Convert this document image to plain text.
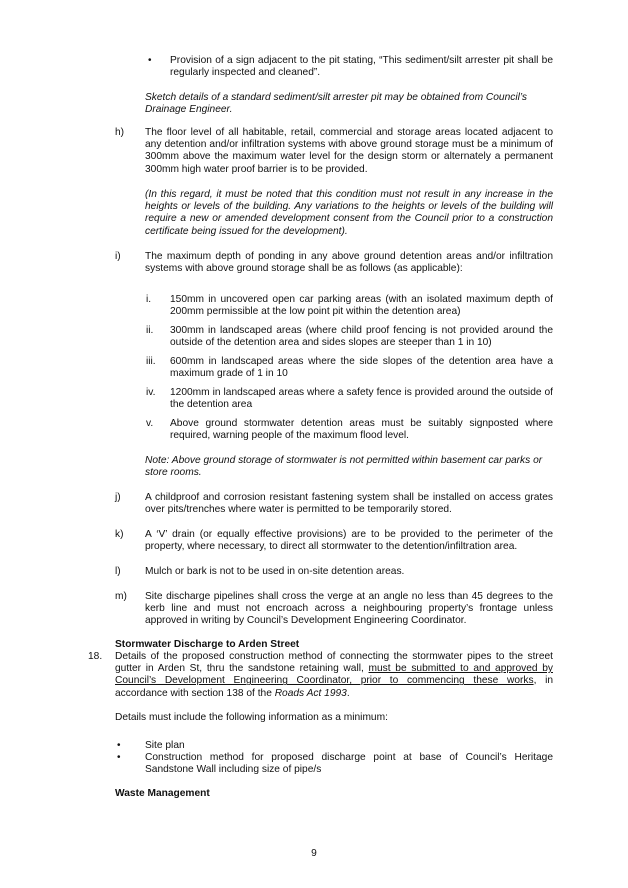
• Provision of a sign adjacent to the pit stating, “This sediment/silt arrester pit shall be regularly inspected and cleaned”.

Sketch details of a standard sediment/silt arrester pit may be obtained from Council’s Drainage Engineer.

h) The floor level of all habitable, retail, commercial and storage areas located adjacent to any detention and/or infiltration systems with above ground storage must be a minimum of 300mm above the maximum water level for the design storm or alternately a permanent 300mm high water proof barrier is to be provided.

(In this regard, it must be noted that this condition must not result in any increase in the heights or levels of the building. Any variations to the heights or levels of the building will require a new or amended development consent from the Council prior to a construction certificate being issued for the development).

i) The maximum depth of ponding in any above ground detention areas and/or infiltration systems with above ground storage shall be as follows (as applicable):

i. 150mm in uncovered open car parking areas (with an isolated maximum depth of 200mm permissible at the low point pit within the detention area)

ii. 300mm in landscaped areas (where child proof fencing is not provided around the outside of the detention area and sides slopes are steeper than 1 in 10)

iii. 600mm in landscaped areas where the side slopes of the detention area have a maximum grade of 1 in 10

iv. 1200mm in landscaped areas where a safety fence is provided around the outside of the detention area

v. Above ground stormwater detention areas must be suitably signposted where required, warning people of the maximum flood level.

Note: Above ground storage of stormwater is not permitted within basement car parks or store rooms.

j) A childproof and corrosion resistant fastening system shall be installed on access grates over pits/trenches where water is permitted to be temporarily stored.

k) A ‘V’ drain (or equally effective provisions) are to be provided to the perimeter of the property, where necessary, to direct all stormwater to the detention/infiltration area.

l) Mulch or bark is not to be used in on-site detention areas.

m) Site discharge pipelines shall cross the verge at an angle no less than 45 degrees to the kerb line and must not encroach across a neighbouring property’s frontage unless approved in writing by Council’s Development Engineering Coordinator.

Stormwater Discharge to Arden Street

18. Details of the proposed construction method of connecting the stormwater pipes to the street gutter in Arden St, thru the sandstone retaining wall, must be submitted to and approved by Council’s Development Engineering Coordinator, prior to commencing these works, in accordance with section 138 of the Roads Act 1993.

Details must include the following information as a minimum:

• Site plan

• Construction method for proposed discharge point at base of Council’s Heritage Sandstone Wall including size of pipe/s

Waste Management

9
